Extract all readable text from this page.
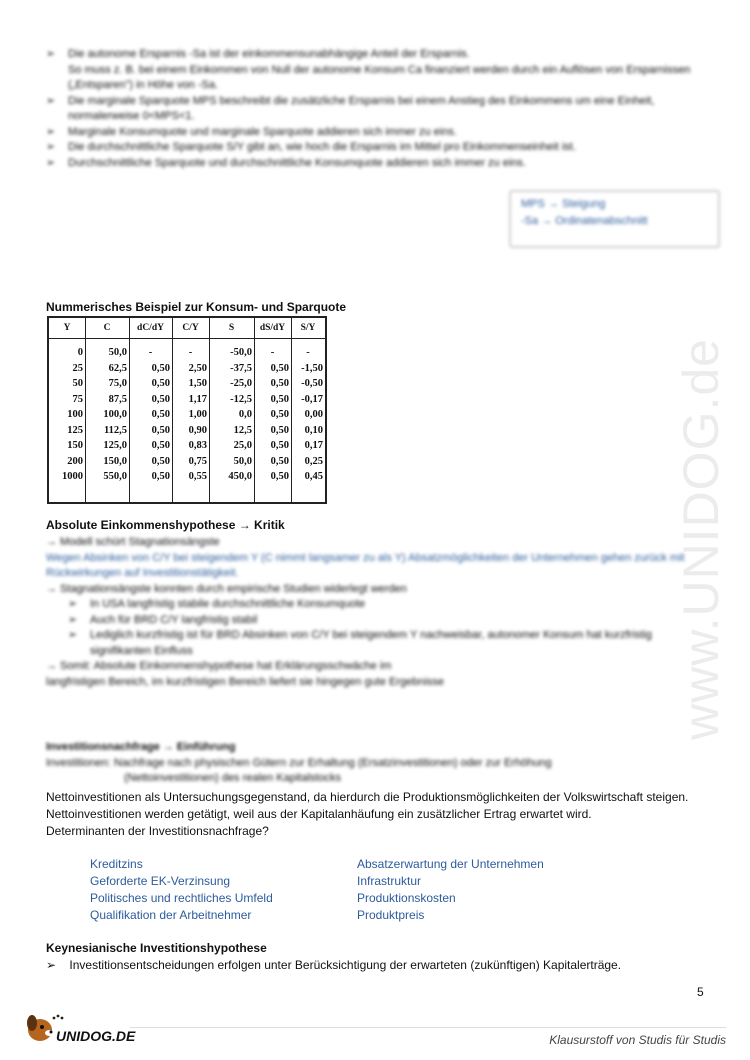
www.UNIDOG.de
➢ Die autonome Ersparnis -Sa ist der einkommensunabhängige Anteil der Ersparnis.
So muss z. B. bei einem Einkommen von Null der autonome Konsum Ca finanziert werden durch ein Auflösen von Ersparnissen („Entsparen") in Höhe von -Sa.
➢ Die marginale Sparquote MPS beschreibt die zusätzliche Ersparnis bei einem Anstieg des Einkommens um eine Einheit, normalerweise 0<MPS<1.
➢ Marginale Konsumquote und marginale Sparquote addieren sich immer zu eins.
➢ Die durchschnittliche Sparquote S/Y gibt an, wie hoch die Ersparnis im Mittel pro Einkommenseinheit ist.
➢ Durchschnittliche Sparquote und durchschnittliche Konsumquote addieren sich immer zu eins.
MPS → Steigung
-Sa → Ordinatenabschnitt
Nummerisches Beispiel zur Konsum- und Sparquote
Y	C	dC/dY	C/Y	S	dS/dY	S/Y
0	50,0	-	-	-50,0	-	-
25	62,5	0,50	2,50	-37,5	0,50	-1,50
50	75,0	0,50	1,50	-25,0	0,50	-0,50
75	87,5	0,50	1,17	-12,5	0,50	-0,17
100	100,0	0,50	1,00	0,0	0,50	0,00
125	112,5	0,50	0,90	12,5	0,50	0,10
150	125,0	0,50	0,83	25,0	0,50	0,17
200	150,0	0,50	0,75	50,0	0,50	0,25
1000	550,0	0,50	0,55	450,0	0,50	0,45
Absolute Einkommenshypothese → Kritik
→ Modell schürt Stagnationsängste
Wegen Absinken von C/Y bei steigendem Y (C nimmt langsamer zu als Y) Absatzmöglichkeiten der Unternehmen gehen zurück mit Rückwirkungen auf Investitionstätigkeit.
→ Stagnationsängste konnten durch empirische Studien widerlegt werden
➢ In USA langfristig stabile durchschnittliche Konsumquote
➢ Auch für BRD C/Y langfristig stabil
➢ Lediglich kurzfristig ist für BRD Absinken von C/Y bei steigendem Y nachweisbar, autonomer Konsum hat kurzfristig signifikanten Einfluss
→ Somit: Absolute Einkommenshypothese hat Erklärungsschwäche im langfristigen Bereich, im kurzfristigen Bereich liefert sie hingegen gute Ergebnisse
Investitionsnachfrage → Einführung
Investitionen: Nachfrage nach physischen Gütern zur Erhaltung (Ersatzinvestitionen) oder zur Erhöhung
(Nettoinvestitionen) des realen Kapitalstocks
Nettoinvestitionen als Untersuchungsgegenstand, da hierdurch die Produktionsmöglichkeiten der Volkswirtschaft steigen.
Nettoinvestitionen werden getätigt, weil aus der Kapitalanhäufung ein zusätzlicher Ertrag erwartet wird.
Determinanten der Investitionsnachfrage?
Kreditzins
Geforderte EK-Verzinsung
Politisches und rechtliches Umfeld
Qualifikation der Arbeitnehmer
Absatzerwartung der Unternehmen
Infrastruktur
Produktionskosten
Produktpreis
Keynesianische Investitionshypothese
➢ Investitionsentscheidungen erfolgen unter Berücksichtigung der erwarteten (zukünftigen) Kapitalerträge.
5
UNIDOG.DE	Klausurstoff von Studis für Studis
